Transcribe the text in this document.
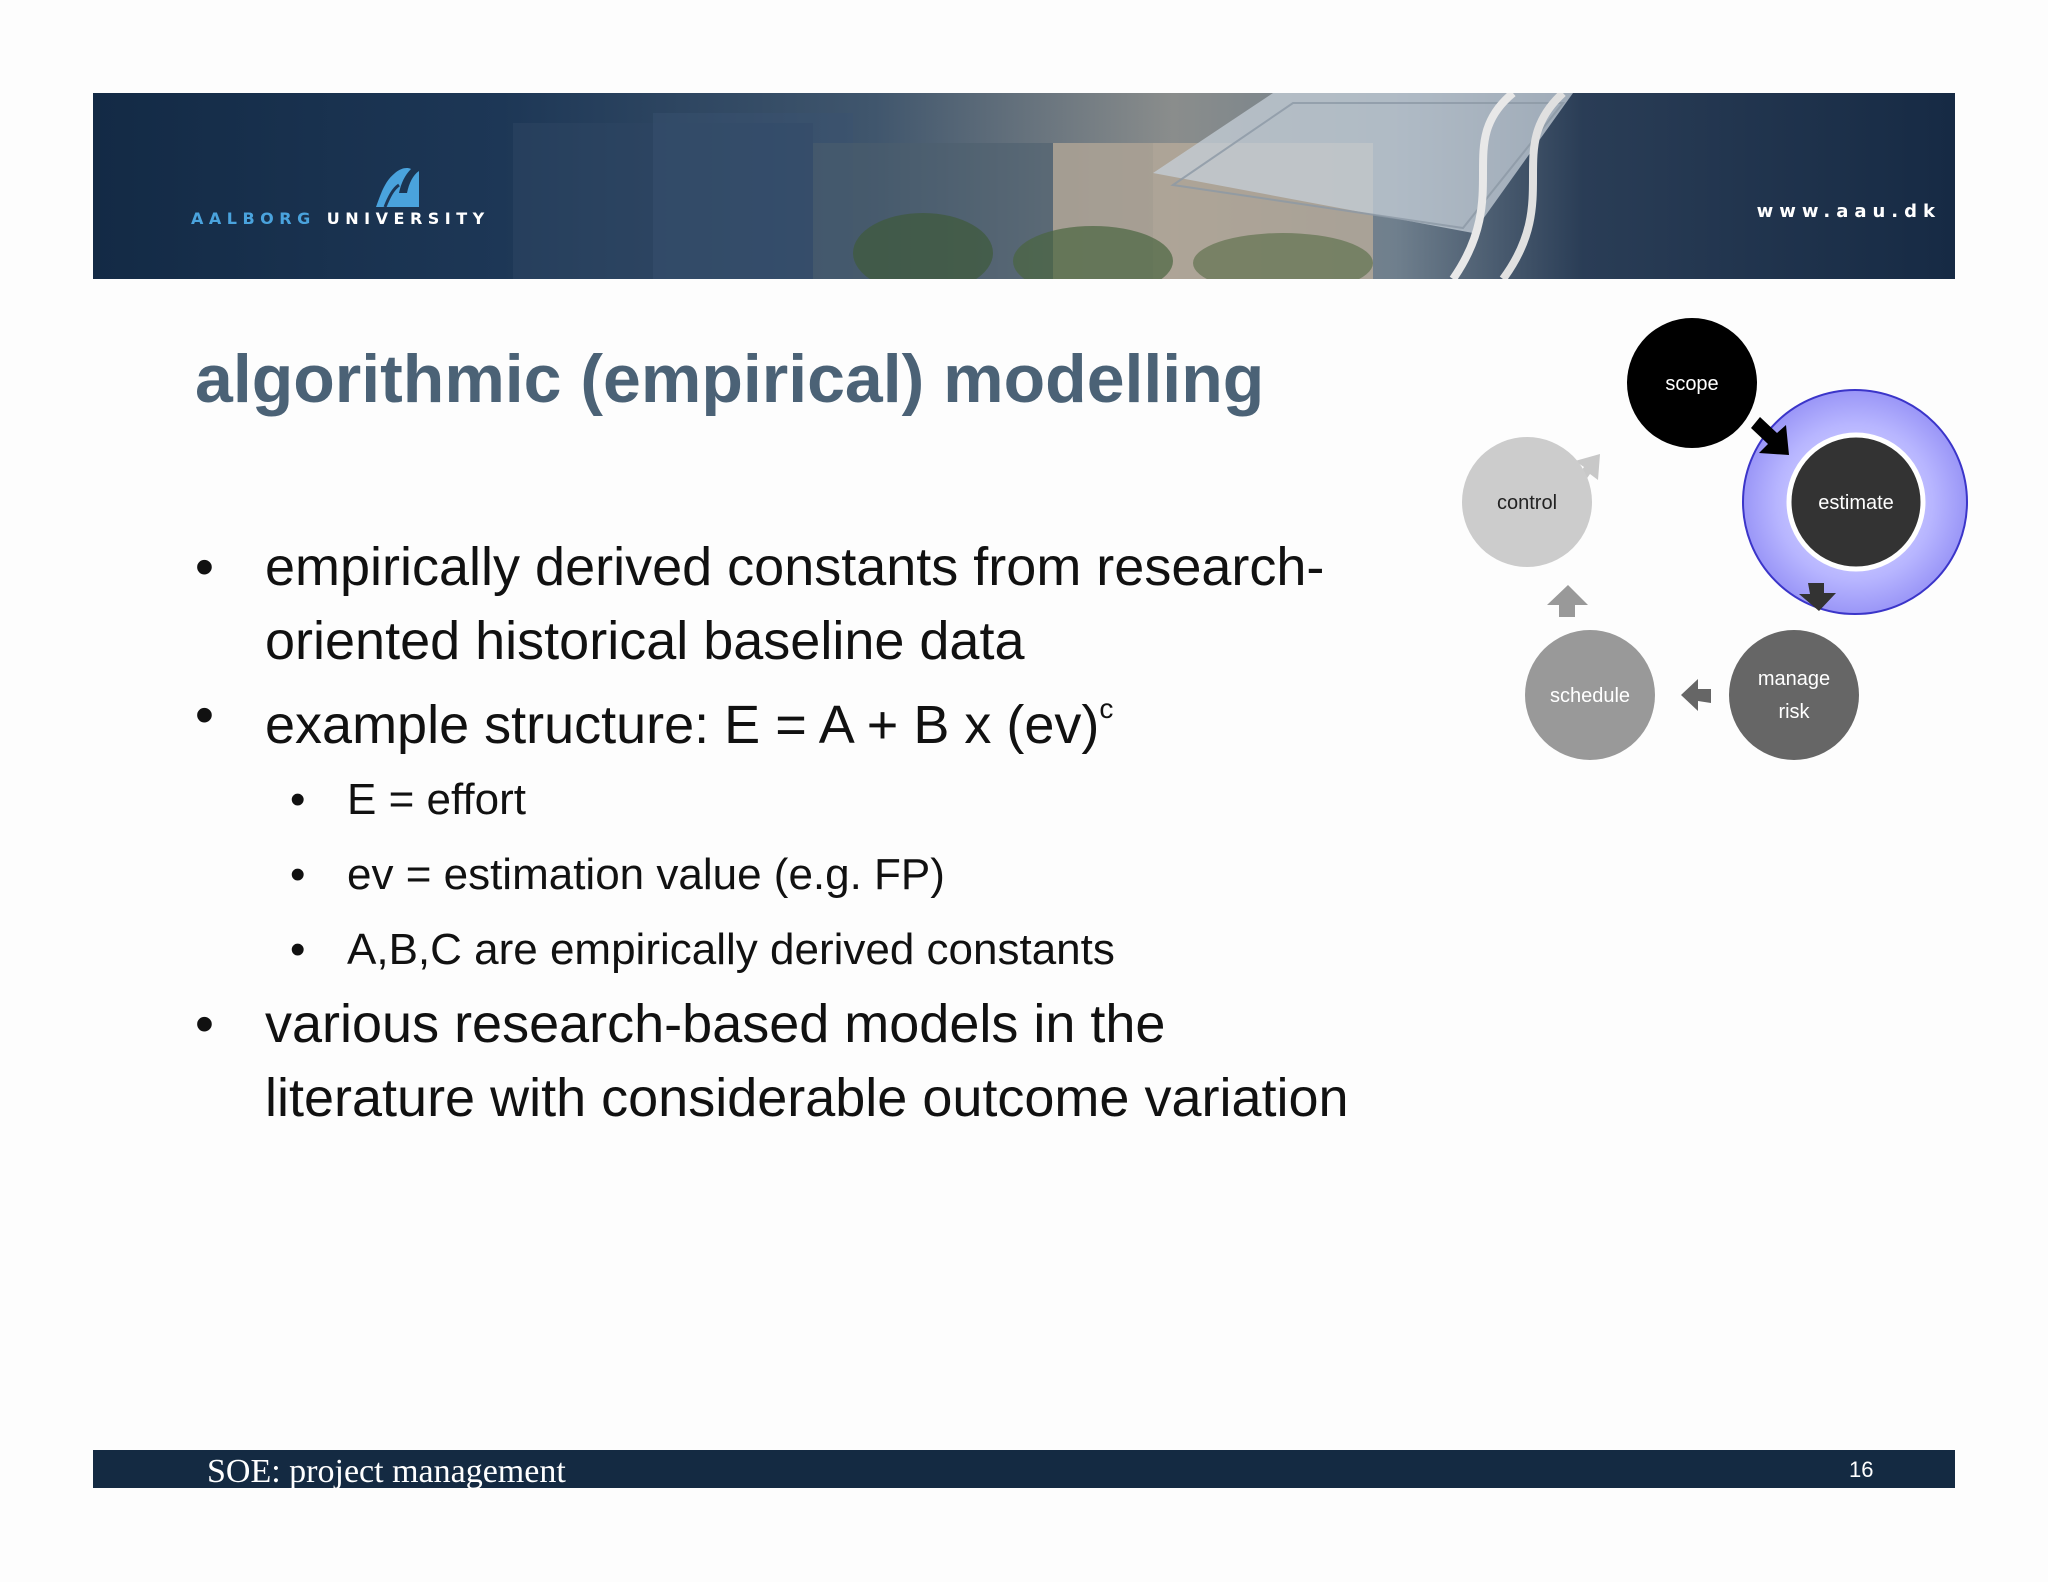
AALBORG UNIVERSITY	www.aau.dk
algorithmic (empirical) modelling
• empirically derived constants from research-
oriented historical baseline data
• example structure: E = A + B x (ev)$^c$
• E = effort
• ev = estimation value (e.g. FP)
• A,B,C are empirically derived constants
• various research-based models in the
literature with considerable outcome variation
scope
estimate
manage
risk
schedule
control
SOE: project management	16
